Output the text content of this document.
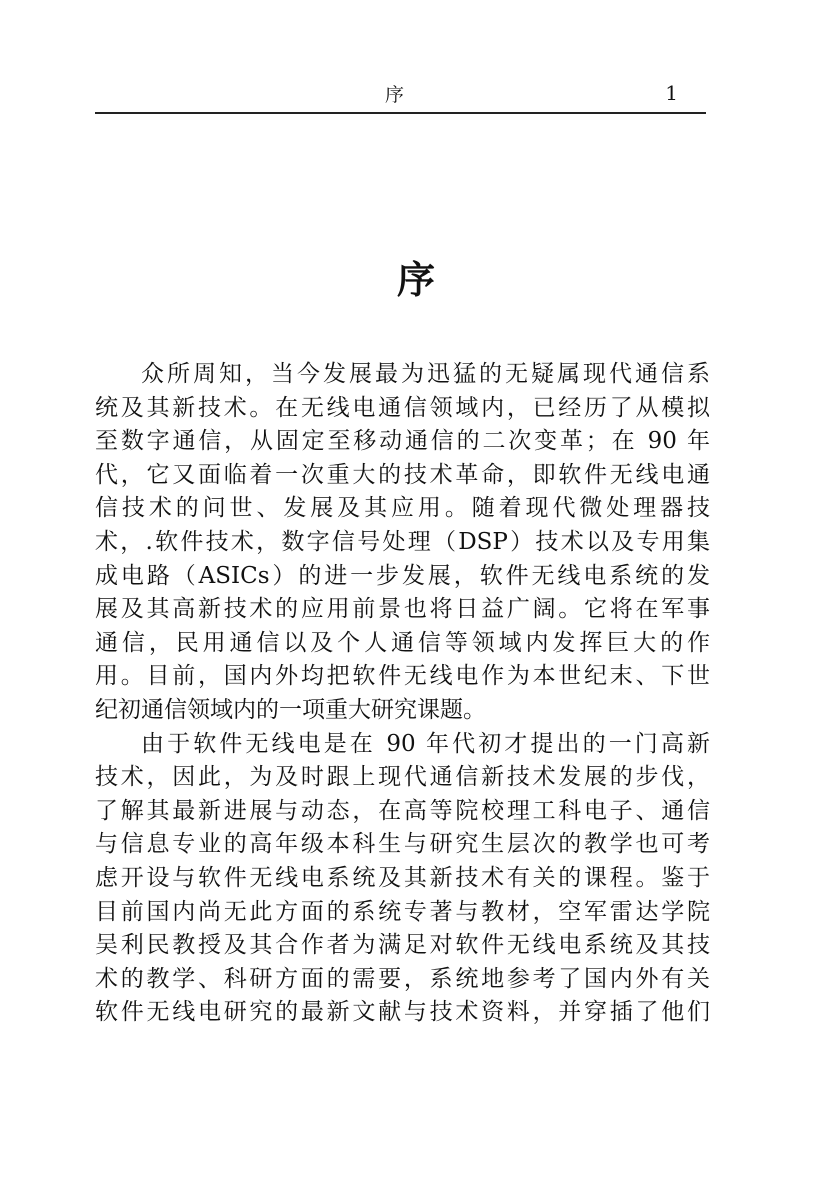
序	1
序
众所周知，当今发展最为迅猛的无疑属现代通信系
统及其新技术。在无线电通信领域内，已经历了从模拟
至数字通信，从固定至移动通信的二次变革；在 90 年
代，它又面临着一次重大的技术革命，即软件无线电通
信技术的问世、发展及其应用。随着现代微处理器技
术，.软件技术，数字信号处理（DSP）技术以及专用集
成电路（ASICs）的进一步发展，软件无线电系统的发
展及其高新技术的应用前景也将日益广阔。它将在军事
通信，民用通信以及个人通信等领域内发挥巨大的作
用。目前，国内外均把软件无线电作为本世纪末、下世
纪初通信领域内的一项重大研究课题。
由于软件无线电是在 90 年代初才提出的一门高新
技术，因此，为及时跟上现代通信新技术发展的步伐，
了解其最新进展与动态，在高等院校理工科电子、通信
与信息专业的高年级本科生与研究生层次的教学也可考
虑开设与软件无线电系统及其新技术有关的课程。鉴于
目前国内尚无此方面的系统专著与教材，空军雷达学院
吴利民教授及其合作者为满足对软件无线电系统及其技
术的教学、科研方面的需要，系统地参考了国内外有关
软件无线电研究的最新文献与技术资料，并穿插了他们
